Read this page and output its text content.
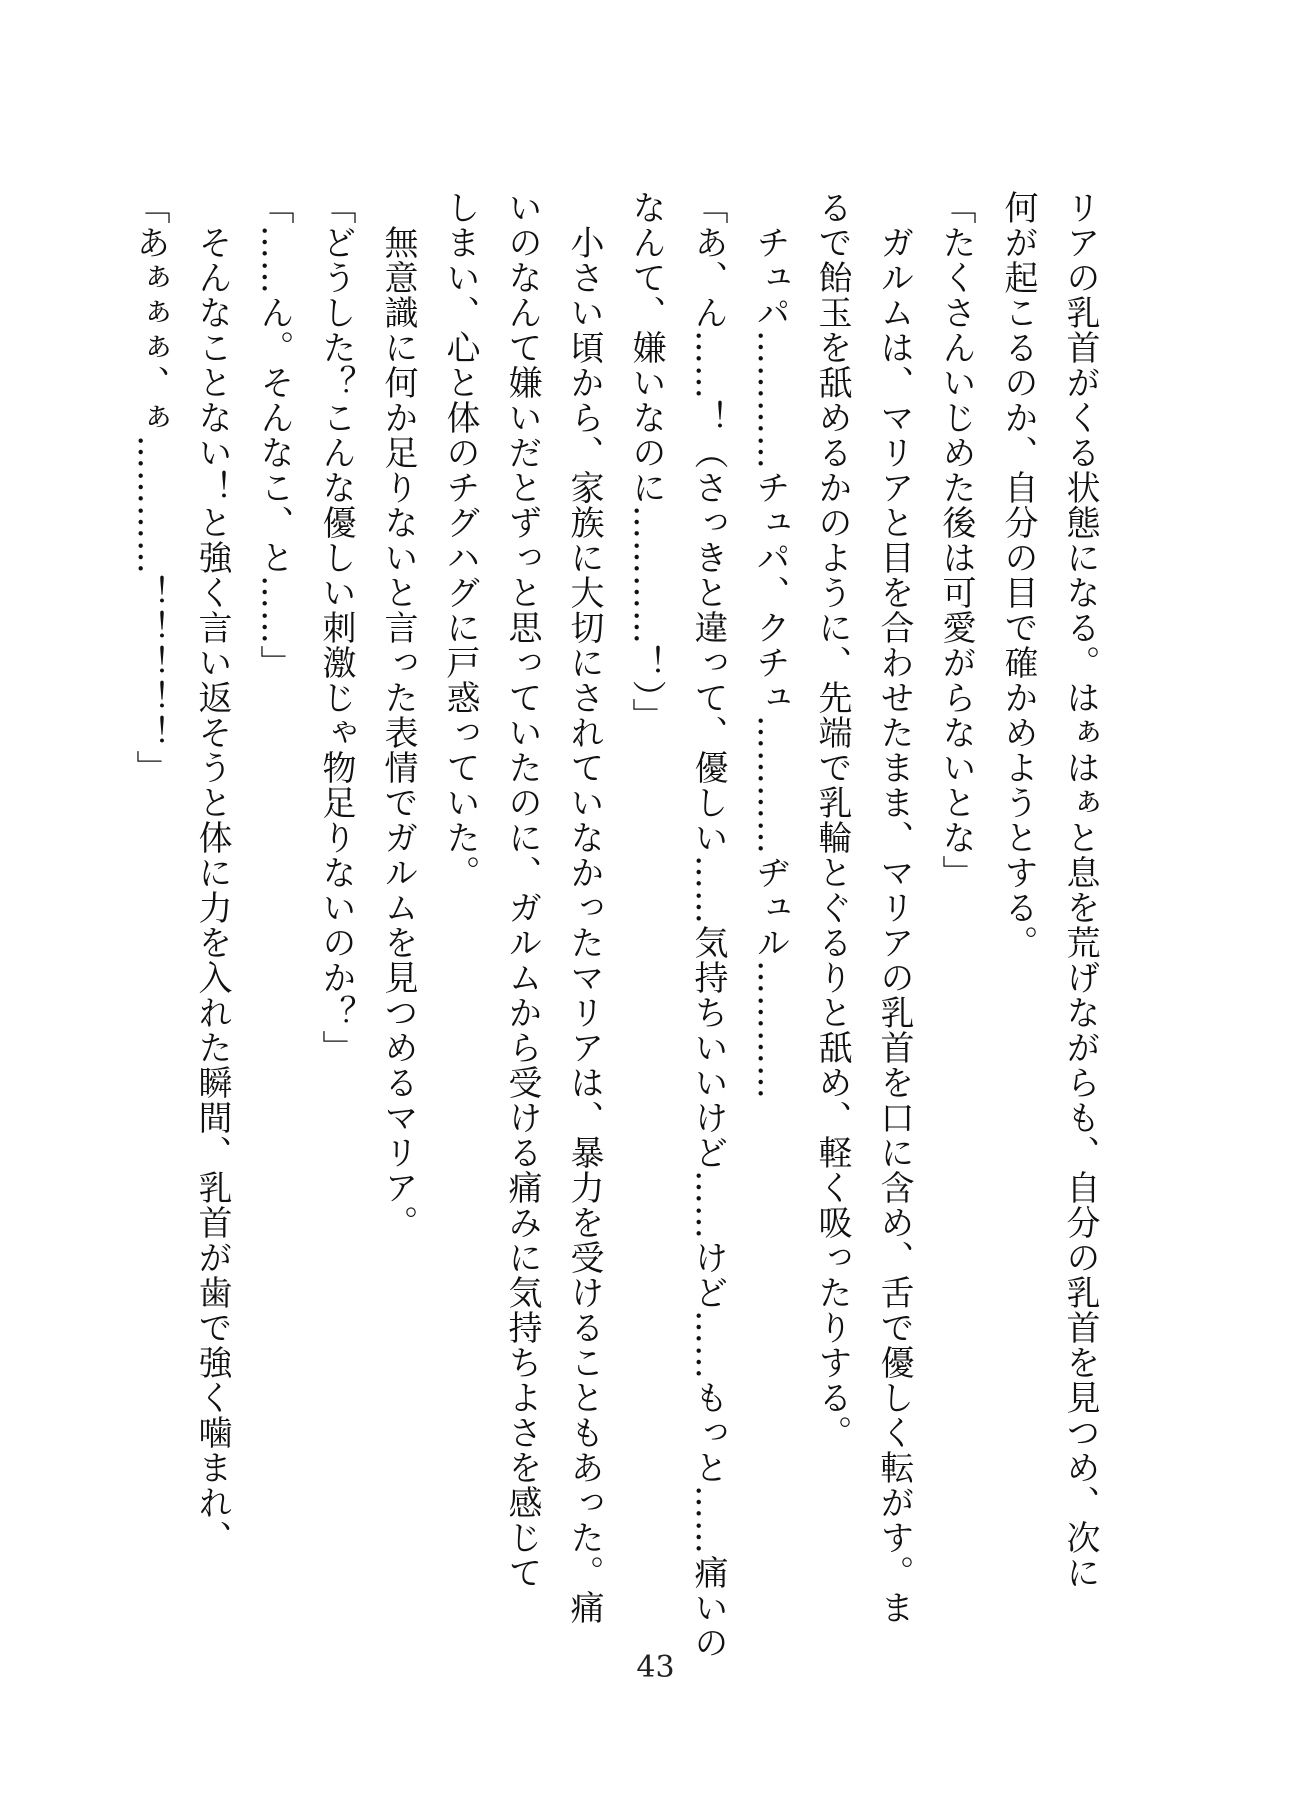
リアの乳首がくる状態になる。はぁはぁと息を荒げながらも、自分の乳首を見つめ、次に
何が起こるのか、自分の目で確かめようとする。
「たくさんいじめた後は可愛がらないとな」
　ガルムは、マリアと目を合わせたまま、マリアの乳首を口に含め、舌で優しく転がす。ま
るで飴玉を舐めるかのように、先端で乳輪とぐるりと舐め、軽く吸ったりする。
　チュパ…………チュパ、クチュ…………ヂュル…………
「あ、ん……！（さっきと違って、優しい……気持ちいいけど……けど……もっと……痛いの
なんて、嫌いなのに…………！）」
　小さい頃から、家族に大切にされていなかったマリアは、暴力を受けることもあった。痛
いのなんて嫌いだとずっと思っていたのに、ガルムから受ける痛みに気持ちよさを感じて
しまい、心と体のチグハグに戸惑っていた。
　無意識に何か足りないと言った表情でガルムを見つめるマリア。
「どうした？こんな優しい刺激じゃ物足りないのか？」
「……ん。そんなこ、と……」
　そんなことない！と強く言い返そうと体に力を入れた瞬間、乳首が歯で強く噛まれ、
「あぁぁぁ、ぁ…………！！！！！」
43
